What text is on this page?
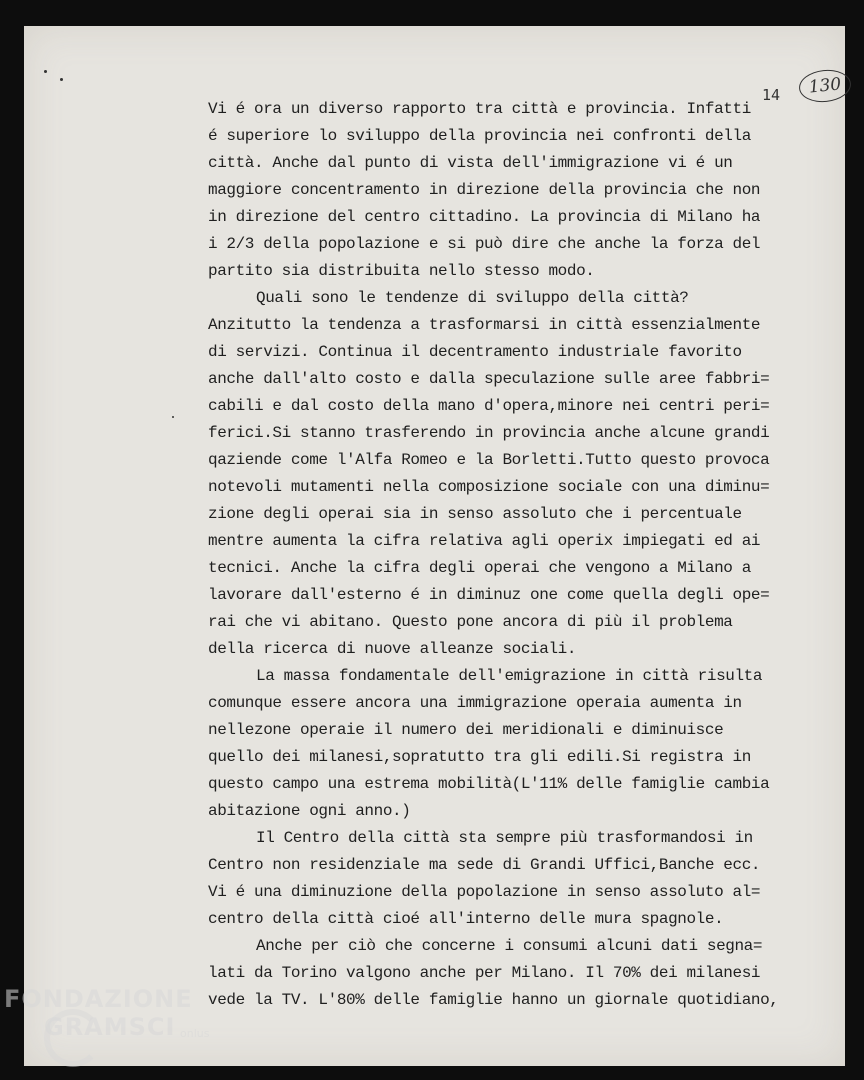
14	130
Vi é ora un diverso rapporto tra città e provincia. Infatti
é superiore lo sviluppo della provincia nei confronti della
città. Anche dal punto di vista dell'immigrazione vi é un
maggiore concentramento in direzione della provincia che non
in direzione del centro cittadino. La provincia di Milano ha
i 2/3 della popolazione e si può dire che anche la forza del
partito sia distribuita nello stesso modo.
Quali sono le tendenze di sviluppo della città?
Anzitutto la tendenza a trasformarsi in città essenzialmente
di servizi. Continua il decentramento industriale favorito
anche dall'alto costo e dalla speculazione sulle aree fabbri=
cabili e dal costo della mano d'opera,minore nei centri peri=
ferici.Si stanno trasferendo in provincia anche alcune grandi
qaziende come l'Alfa Romeo e la Borletti.Tutto questo provoca
notevoli mutamenti nella composizione sociale con una diminu=
zione degli operai sia in senso assoluto che i percentuale
mentre aumenta la cifra relativa agli operix impiegati ed ai
tecnici. Anche la cifra degli operai che vengono a Milano a
lavorare dall'esterno é in diminuz one come quella degli ope=
rai che vi abitano. Questo pone ancora di più il problema
della ricerca di nuove alleanze sociali.
La massa fondamentale dell'emigrazione in città risulta
comunque essere ancora una immigrazione operaia aumenta in
nellezone operaie il numero dei meridionali e diminuisce
quello dei milanesi,sopratutto tra gli edili.Si registra in
questo campo una estrema mobilità(L'11% delle famiglie cambia
abitazione ogni anno.)
Il Centro della città sta sempre più trasformandosi in
Centro non residenziale ma sede di Grandi Uffici,Banche ecc.
Vi é una diminuzione della popolazione in senso assoluto al=
centro della città cioé all'interno delle mura spagnole.
Anche per ciò che concerne i consumi alcuni dati segna=
lati da Torino valgono anche per Milano. Il 70% dei milanesi
vede la TV. L'80% delle famiglie hanno un giornale quotidiano,
FONDAZIONE
GRAMSCI onlus
